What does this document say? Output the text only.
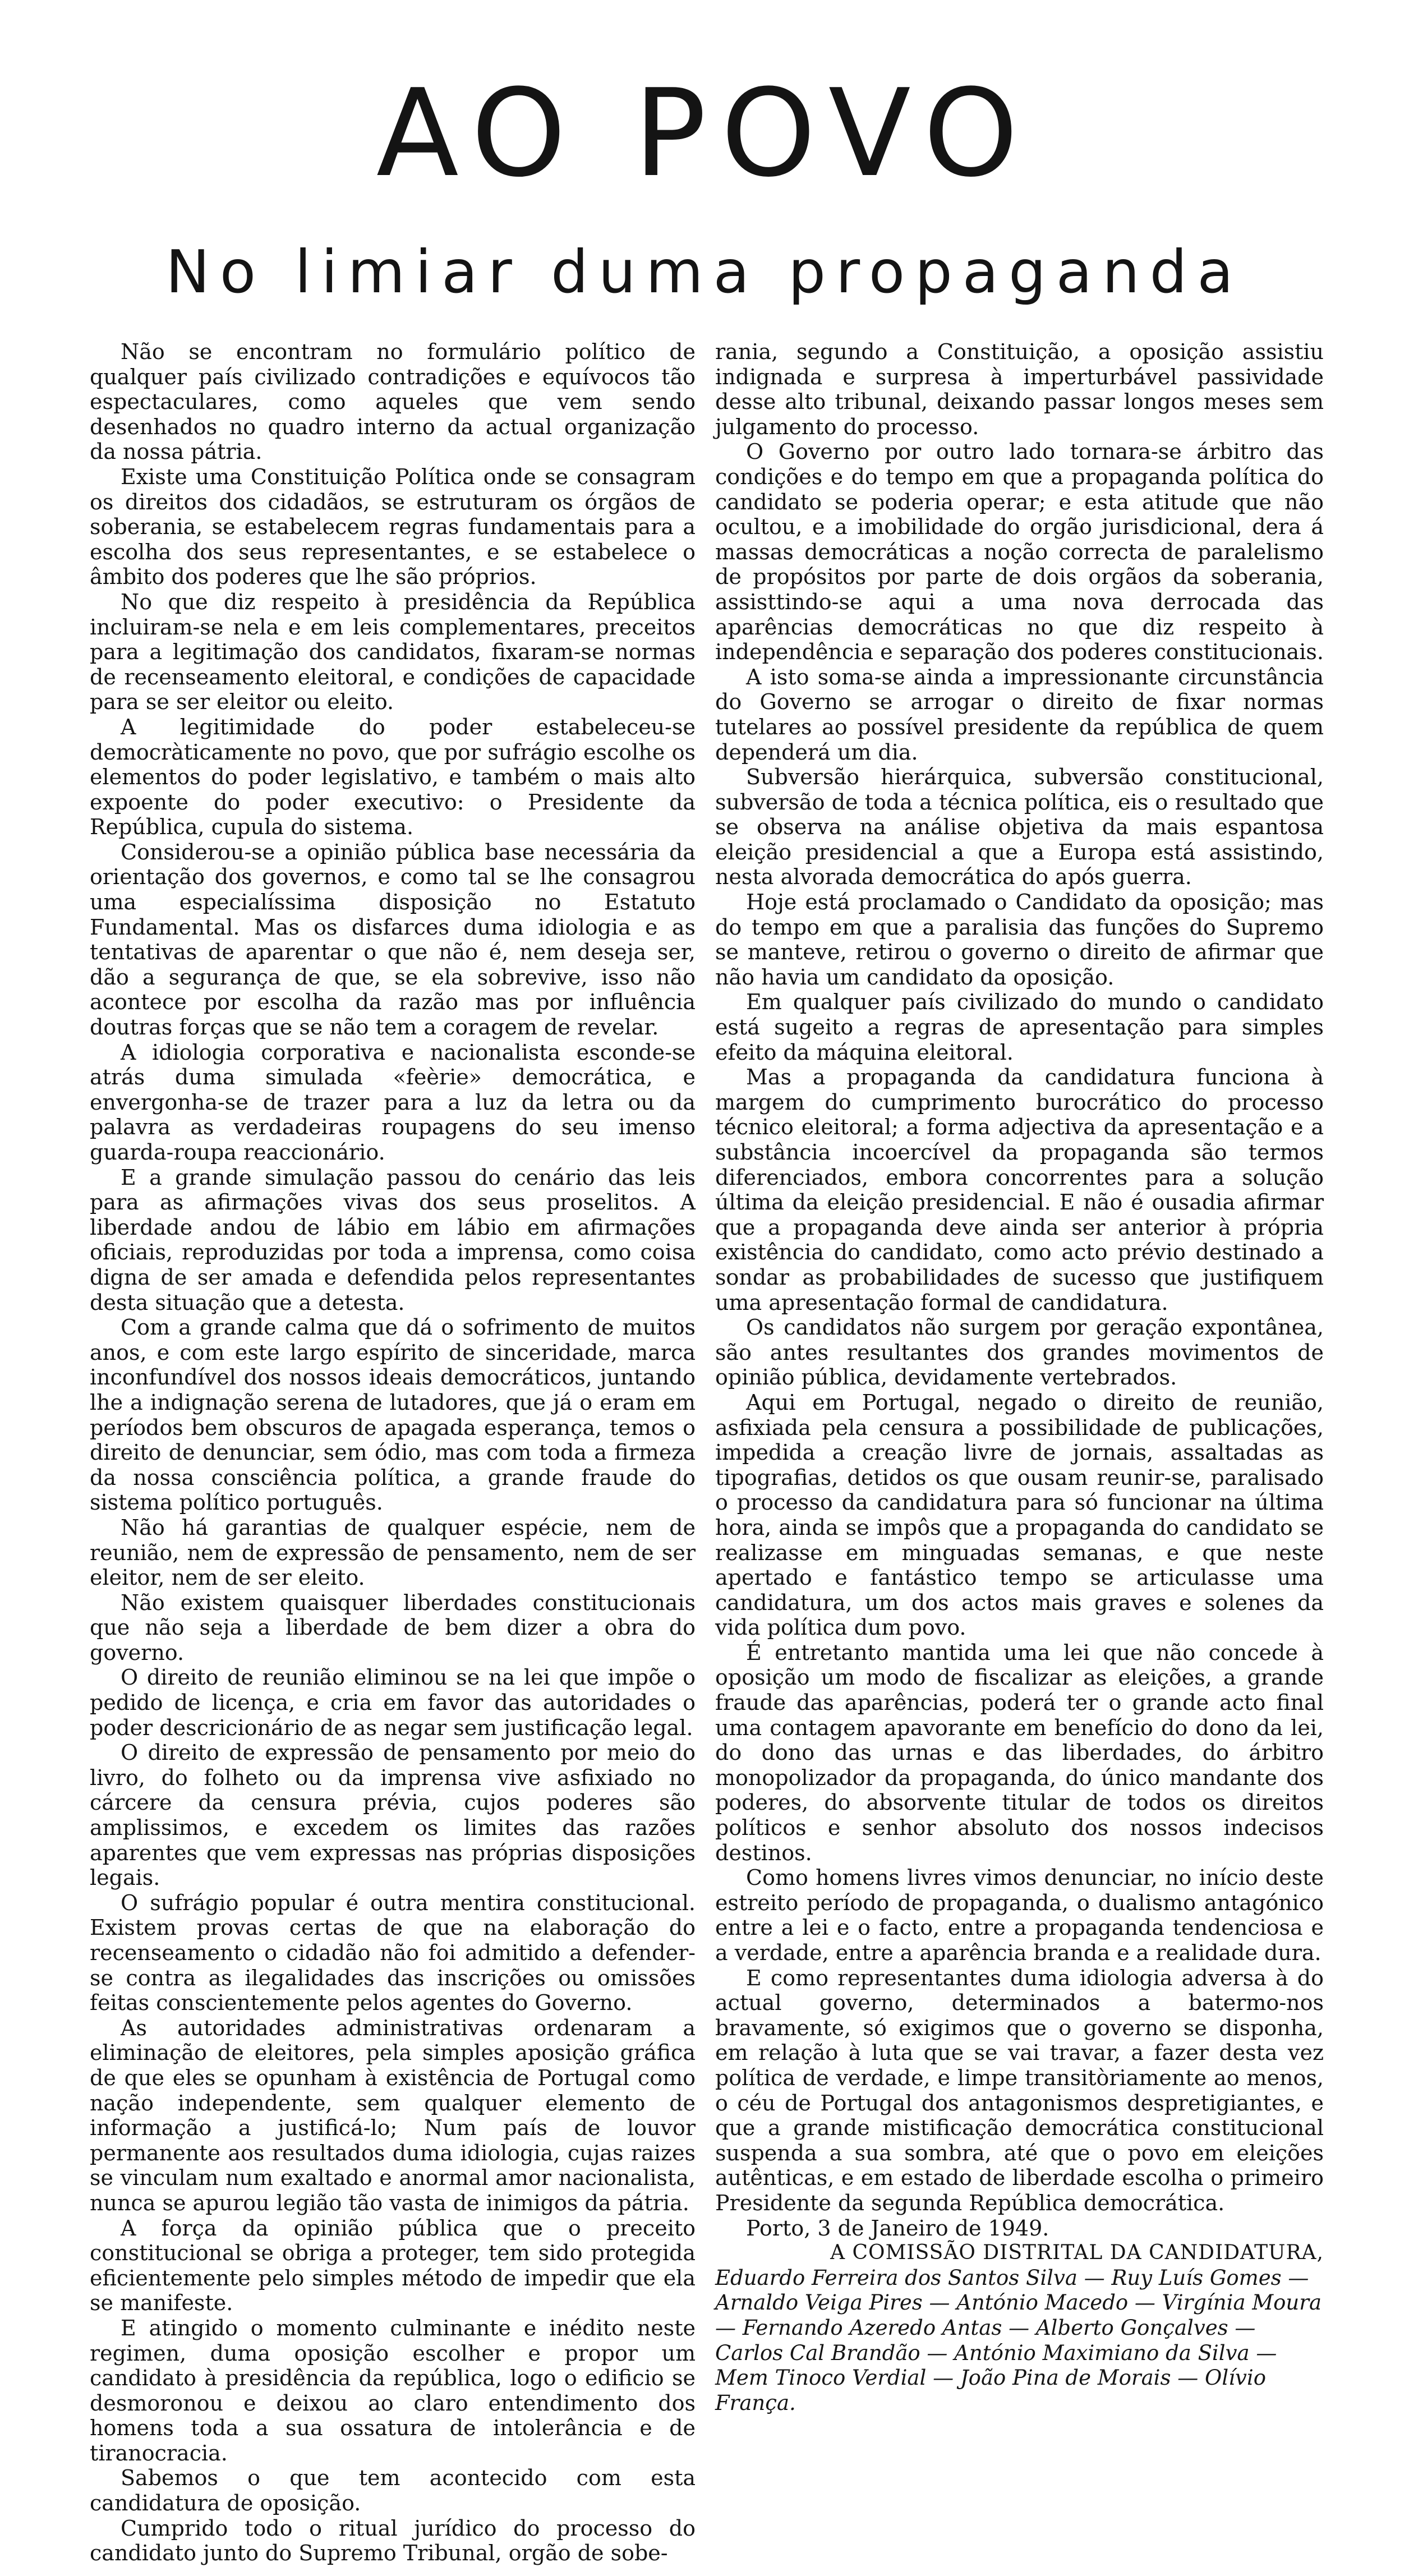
AO POVO
No limiar duma propaganda

Não se encontram no formulário político de qualquer país civilizado contradições e equívocos tão espectaculares, como aqueles que vem sendo desenhados no quadro interno da actual organização da nossa pátria.

Existe uma Constituição Política onde se consagram os direitos dos cidadãos, se estruturam os órgãos de soberania, se estabelecem regras fundamentais para a escolha dos seus representantes, e se estabelece o âmbito dos poderes que lhe são próprios.

No que diz respeito à presidência da República incluiram-se nela e em leis complementares, preceitos para a legitimação dos candidatos, fixaram-se normas de recenseamento eleitoral, e condições de capacidade para se ser eleitor ou eleito.

A legitimidade do poder estabeleceu-se democràticamente no povo, que por sufrágio escolhe os elementos do poder legislativo, e também o mais alto expoente do poder executivo: o Presidente da República, cupula do sistema.

Considerou-se a opinião pública base necessária da orientação dos governos, e como tal se lhe consagrou uma especialíssima disposição no Estatuto Fundamental. Mas os disfarces duma idiologia e as tentativas de aparentar o que não é, nem deseja ser, dão a segurança de que, se ela sobrevive, isso não acontece por escolha da razão mas por influência doutras forças que se não tem a coragem de revelar.

A idiologia corporativa e nacionalista esconde-se atrás duma simulada «feèrie» democrática, e envergonha-se de trazer para a luz da letra ou da palavra as verdadeiras roupagens do seu imenso guarda-roupa reaccionário.

E a grande simulação passou do cenário das leis para as afirmações vivas dos seus proselitos. A liberdade andou de lábio em lábio em afirmações oficiais, reproduzidas por toda a imprensa, como coisa digna de ser amada e defendida pelos representantes desta situação que a detesta.

Com a grande calma que dá o sofrimento de muitos anos, e com este largo espírito de sinceridade, marca inconfundível dos nossos ideais democráticos, juntando lhe a indignação serena de lutadores, que já o eram em períodos bem obscuros de apagada esperança, temos o direito de denunciar, sem ódio, mas com toda a firmeza da nossa consciência política, a grande fraude do sistema político português.

Não há garantias de qualquer espécie, nem de reunião, nem de expressão de pensamento, nem de ser eleitor, nem de ser eleito.

Não existem quaisquer liberdades constitucionais que não seja a liberdade de bem dizer a obra do governo.

O direito de reunião eliminou se na lei que impõe o pedido de licença, e cria em favor das autoridades o poder descricionário de as negar sem justificação legal.

O direito de expressão de pensamento por meio do livro, do folheto ou da imprensa vive asfixiado no cárcere da censura prévia, cujos poderes são amplissimos, e excedem os limites das razões aparentes que vem expressas nas próprias disposições legais.

O sufrágio popular é outra mentira constitucional. Existem provas certas de que na elaboração do recenseamento o cidadão não foi admitido a defender-se contra as ilegalidades das inscrições ou omissões feitas conscientemente pelos agentes do Governo.

As autoridades administrativas ordenaram a eliminação de eleitores, pela simples aposição gráfica de que eles se opunham à existência de Portugal como nação independente, sem qualquer elemento de informação a justificá-lo; Num país de louvor permanente aos resultados duma idiologia, cujas raizes se vinculam num exaltado e anormal amor nacionalista, nunca se apurou legião tão vasta de inimigos da pátria.

A força da opinião pública que o preceito constitucional se obriga a proteger, tem sido protegida eficientemente pelo simples método de impedir que ela se manifeste.

E atingido o momento culminante e inédito neste regimen, duma oposição escolher e propor um candidato à presidência da república, logo o edificio se desmoronou e deixou ao claro entendimento dos homens toda a sua ossatura de intolerância e de tiranocracia.

Sabemos o que tem acontecido com esta candidatura de oposição.

Cumprido todo o ritual jurídico do processo do candidato junto do Supremo Tribunal, orgão de sobe-

rania, segundo a Constituição, a oposição assistiu indignada e surpresa à imperturbável passividade desse alto tribunal, deixando passar longos meses sem julgamento do processo.

O Governo por outro lado tornara-se árbitro das condições e do tempo em que a propaganda política do candidato se poderia operar; e esta atitude que não ocultou, e a imobilidade do orgão jurisdicional, dera á massas democráticas a noção correcta de paralelismo de propósitos por parte de dois orgãos da soberania, assisttindo-se aqui a uma nova derrocada das aparências democráticas no que diz respeito à independência e separação dos poderes constitucionais.

A isto soma-se ainda a impressionante circunstância do Governo se arrogar o direito de fixar normas tutelares ao possível presidente da república de quem dependerá um dia.

Subversão hierárquica, subversão constitucional, subversão de toda a técnica política, eis o resultado que se observa na análise objetiva da mais espantosa eleição presidencial a que a Europa está assistindo, nesta alvorada democrática do após guerra.

Hoje está proclamado o Candidato da oposição; mas do tempo em que a paralisia das funções do Supremo se manteve, retirou o governo o direito de afirmar que não havia um candidato da oposição.

Em qualquer país civilizado do mundo o candidato está sugeito a regras de apresentação para simples efeito da máquina eleitoral.

Mas a propaganda da candidatura funciona à margem do cumprimento burocrático do processo técnico eleitoral; a forma adjectiva da apresentação e a substância incoercível da propaganda são termos diferenciados, embora concorrentes para a solução última da eleição presidencial. E não é ousadia afirmar que a propaganda deve ainda ser anterior à própria existência do candidato, como acto prévio destinado a sondar as probabilidades de sucesso que justifiquem uma apresentação formal de candidatura.

Os candidatos não surgem por geração expontânea, são antes resultantes dos grandes movimentos de opinião pública, devidamente vertebrados.

Aqui em Portugal, negado o direito de reunião, asfixiada pela censura a possibilidade de publicações, impedida a creação livre de jornais, assaltadas as tipografias, detidos os que ousam reunir-se, paralisado o processo da candidatura para só funcionar na última hora, ainda se impôs que a propaganda do candidato se realizasse em minguadas semanas, e que neste apertado e fantástico tempo se articulasse uma candidatura, um dos actos mais graves e solenes da vida política dum povo.

É entretanto mantida uma lei que não concede à oposição um modo de fiscalizar as eleições, a grande fraude das aparências, poderá ter o grande acto final uma contagem apavorante em benefício do dono da lei, do dono das urnas e das liberdades, do árbitro monopolizador da propaganda, do único mandante dos poderes, do absorvente titular de todos os direitos políticos e senhor absoluto dos nossos indecisos destinos.

Como homens livres vimos denunciar, no início deste estreito período de propaganda, o dualismo antagónico entre a lei e o facto, entre a propaganda tendenciosa e a verdade, entre a aparência branda e a realidade dura.

E como representantes duma idiologia adversa à do actual governo, determinados a batermo-nos bravamente, só exigimos que o governo se disponha, em relação à luta que se vai travar, a fazer desta vez política de verdade, e limpe transitòriamente ao menos, o céu de Portugal dos antagonismos despretigiantes, e que a grande mistificação democrática constitucional suspenda a sua sombra, até que o povo em eleições autênticas, e em estado de liberdade escolha o primeiro Presidente da segunda República democrática.

Porto, 3 de Janeiro de 1949.

A COMISSÃO DISTRITAL DA CANDIDATURA,

Eduardo Ferreira dos Santos Silva — Ruy Luís Gomes — Arnaldo Veiga Pires — António Macedo — Virgínia Moura — Fernando Azeredo Antas — Alberto Gonçalves — Carlos Cal Brandão — António Maximiano da Silva — Mem Tinoco Verdial — João Pina de Morais — Olívio França.
